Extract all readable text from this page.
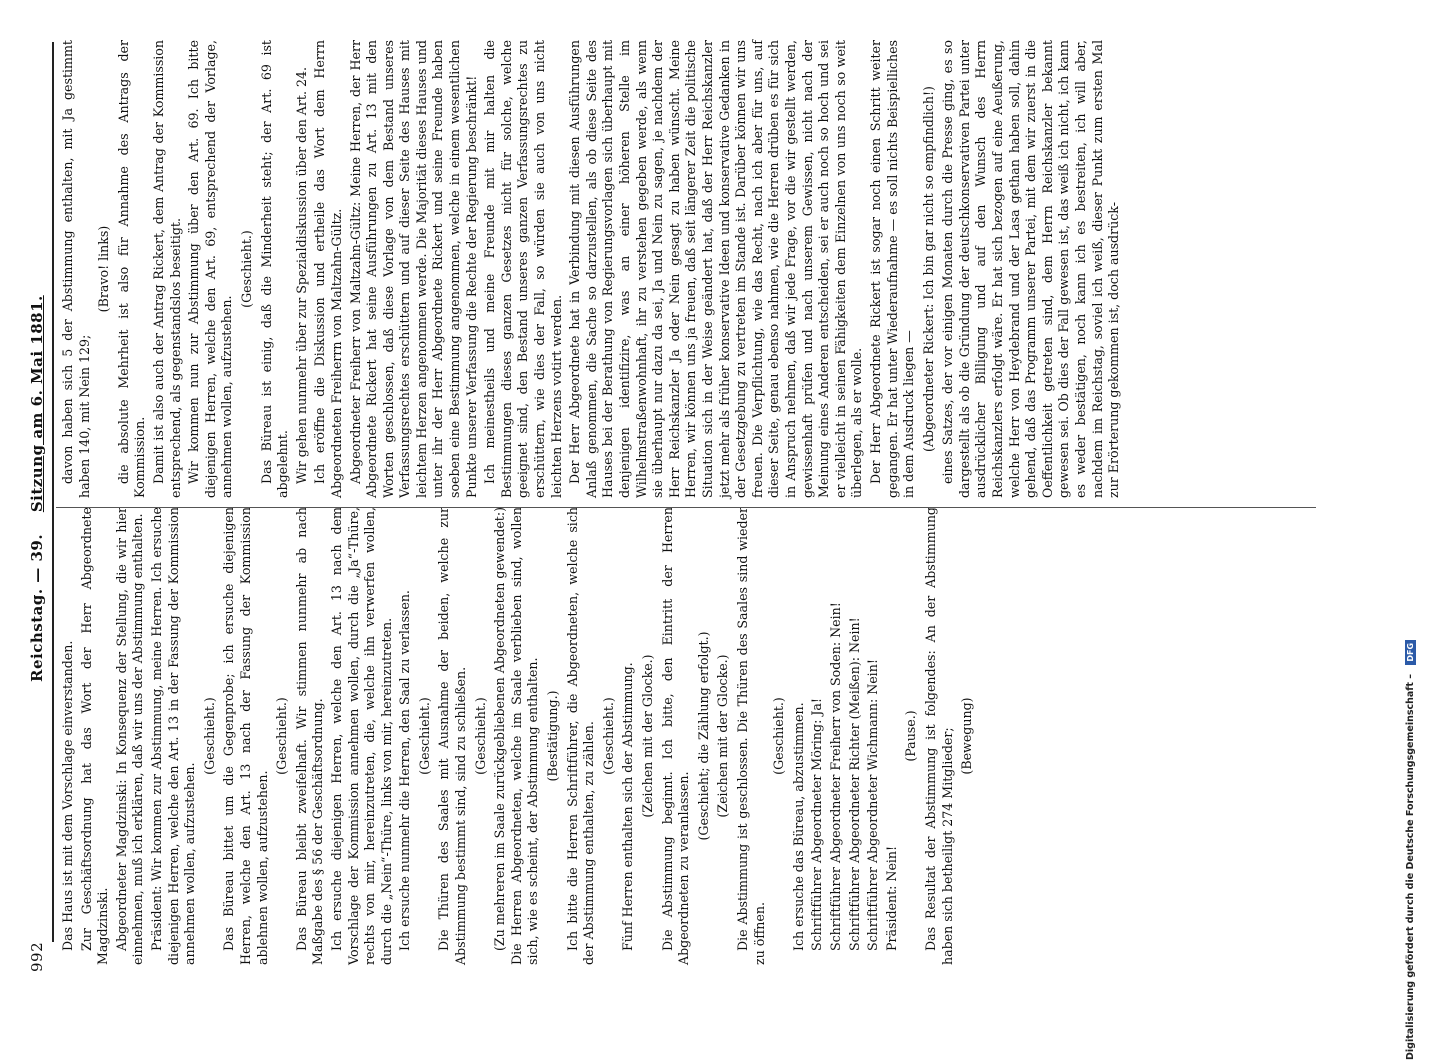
992
Reichstag. — 39. Sitzung am 6. Mai 1881.

Das Haus ist mit dem Vorschlage einverstanden. Zur Geschäftsordnung hat das Wort der Herr Abgeordnete Magdzinski. Abgeordneter Magdzinski: In Konsequenz der Stellung, die wir hier einnehmen, muß ich erklären, daß wir uns der Abstimmung enthalten. Präsident: Wir kommen zur Abstimmung, meine Herren. Ich ersuche diejenigen Herren, welche den Art. 13 in der Fassung der Kommission annehmen wollen, aufzustehen.

(Geschieht.) Das Büreau bittet um die Gegenprobe; ich ersuche diejenigen Herren, welche den Art. 13 nach der Fassung der Kommission ablehnen wollen, aufzustehen.

(Geschieht.) Das Büreau bleibt zweifelhaft. Wir stimmen nunmehr ab nach Maßgabe des § 56 der Geschäftsordnung. Ich ersuche diejenigen Herren, welche den Art. 13 nach dem Vorschlage der Kommission annehmen wollen, durch die „Ja“-Thüre, rechts von mir, hereinzutreten, die, welche ihn verwerfen wollen, durch die „Nein“-Thüre, links von mir, hereinzutreten. Ich ersuche nunmehr die Herren, den Saal zu verlassen. (Geschieht.) Die Thüren des Saales mit Ausnahme der beiden, welche zur Abstimmung bestimmt sind, sind zu schließen. (Geschieht.) (Zu mehreren im Saale zurückgebliebenen Abgeordneten gewendet:) Die Herren Abgeordneten, welche im Saale verblieben sind, wollen sich, wie es scheint, der Abstimmung enthalten. (Bestätigung.) Ich bitte die Herren Schriftführer, die Abgeordneten, welche sich der Abstimmung enthalten, zu zählen. (Geschieht.) Fünf Herren enthalten sich der Abstimmung. (Zeichen mit der Glocke.) Die Abstimmung beginnt. Ich bitte, den Eintritt der Herren Abgeordneten zu veranlassen.

(Geschieht; die Zählung erfolgt.) (Zeichen mit der Glocke.) Die Abstimmung ist geschlossen. Die Thüren des Saales sind wieder zu öffnen.

(Geschieht.) Ich ersuche das Büreau, abzustimmen. Schriftführer Abgeordneter Möring: Ja! Schriftführer Abgeordneter Freiherr von Soden: Nein! Schriftführer Abgeordneter Richter (Meißen): Nein! Schriftführer Abgeordneter Wichmann: Nein! Präsident: Nein!

(Pause.) Das Resultat der Abstimmung ist folgendes: An der Abstimmung haben sich betheiligt 274 Mitglieder; (Bewegung)

davon haben sich 5 der Abstimmung enthalten, mit Ja gestimmt haben 140, mit Nein 129;

(Bravo! links) die absolute Mehrheit ist also für Annahme des Antrags der Kommission. Damit ist also auch der Antrag Rickert, dem Antrag der Kommission entsprechend, als gegenstandslos beseitigt. Wir kommen nun zur Abstimmung über den Art. 69. Ich bitte diejenigen Herren, welche den Art. 69, entsprechend der Vorlage, annehmen wollen, aufzustehen.

(Geschieht.) Das Büreau ist einig, daß die Minderheit steht; der Art. 69 ist abgelehnt. Wir gehen nunmehr über zur Spezialdiskussion über den Art. 24. Ich eröffne die Diskussion und ertheile das Wort dem Herrn Abgeordneten Freiherrn von Maltzahn-Gültz. Abgeordneter Freiherr von Maltzahn-Gültz: Meine Herren, der Herr Abgeordnete Rickert hat seine Ausführungen zu Art. 13 mit den Worten geschlossen, daß diese Vorlage von dem Bestand unseres Verfassungsrechtes erschüttern und auf dieser Seite des Hauses mit leichtem Herzen angenommen werde. Die Majorität dieses Hauses und unter ihr der Herr Abgeordnete Rickert und seine Freunde haben soeben eine Bestimmung angenommen, welche in einem wesentlichen Punkte unserer Verfassung die Rechte der Regierung beschränkt! Ich meinestheils und meine Freunde mit mir halten die Bestimmungen dieses ganzen Gesetzes nicht für solche, welche geeignet sind, den Bestand unseres ganzen Verfassungsrechtes zu erschüttern, wie dies der Fall, so würden sie auch von uns nicht leichten Herzens votirt werden. Der Herr Abgeordnete hat in Verbindung mit diesen Ausführungen Anlaß genommen, die Sache so darzustellen, als ob diese Seite des Hauses bei der Berathung von Regierungsvorlagen sich überhaupt mit denjenigen identifizire, was an einer höheren Stelle im Wilhelmstraßenwohnhaft, ihr zu verstehen gegeben werde, als wenn sie überhaupt nur dazu da sei, Ja und Nein zu sagen, je nachdem der Herr Reichskanzler Ja oder Nein gesagt zu haben wünscht. Meine Herren, wir können uns ja freuen, daß seit längerer Zeit die politische Situation sich in der Weise geändert hat, daß der Herr Reichskanzler jetzt mehr als früher konservative Ideen und konservative Gedanken in der Gesetzgebung zu vertreten im Stande ist. Darüber können wir uns freuen. Die Verpflichtung, wie das Recht, nach ich aber für uns, auf dieser Seite, genau ebenso nahmen, wie die Herren drüben es für sich in Anspruch nehmen, daß wir jede Frage, vor die wir gestellt werden, gewissenhaft prüfen und nach unserem Gewissen, nicht nach der Meinung eines Anderen entscheiden, sei er auch noch so hoch und sei er vielleicht in seinen Fähigkeiten dem Einzelnen von uns noch so weit überlegen, als er wolle. Der Herr Abgeordnete Rickert ist sogar noch einen Schritt weiter gegangen. Er hat unter Wiederaufnahme — es soll nichts Beispielliches in dem Ausdruck liegen — (Abgeordneter Rickert: Ich bin gar nicht so empfindlich!) eines Satzes, der vor einigen Monaten durch die Presse ging, es so dargestellt als ob die Gründung der deutschkonservativen Partei unter ausdrücklicher Billigung und auf den Wunsch des Herrn Reichskanzlers erfolgt wäre. Er hat sich bezogen auf eine Aeußerung, welche Herr von Heydebrand und der Lasa gethan haben soll, dahin gehend, daß das Programm unserer Partei, mit dem wir zuerst in die Oeffentlichkeit getreten sind, dem Herrn Reichskanzler bekannt gewesen sei. Ob dies der Fall gewesen ist, das weiß ich nicht, ich kann es weder bestätigen, noch kann ich es bestreiten, ich will aber, nachdem im Reichstag, soviel ich weiß, dieser Punkt zum ersten Mal zur Erörterung gekommen ist, doch ausdrück-

Digitalisierung gefördert durch die Deutsche Forschungsgemeinschaft – DFG
